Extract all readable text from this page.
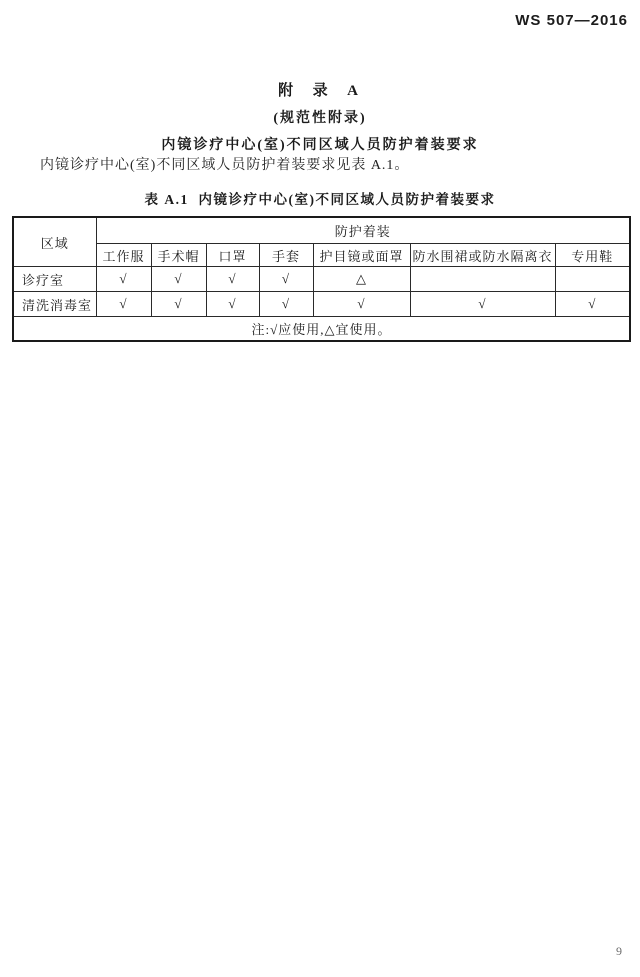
WS 507—2016
附  录  A
(规范性附录)
内镜诊疗中心(室)不同区域人员防护着装要求
内镜诊疗中心(室)不同区域人员防护着装要求见表 A.1。
表 A.1  内镜诊疗中心(室)不同区域人员防护着装要求
区域	防护着装						
	工作服	手术帽	口罩	手套	护目镜或面罩	防水围裙或防水隔离衣	专用鞋
诊疗室	√	√	√	√	△		
清洗消毒室	√	√	√	√	√	√	√
注:√应使用,△宜使用。							
9
